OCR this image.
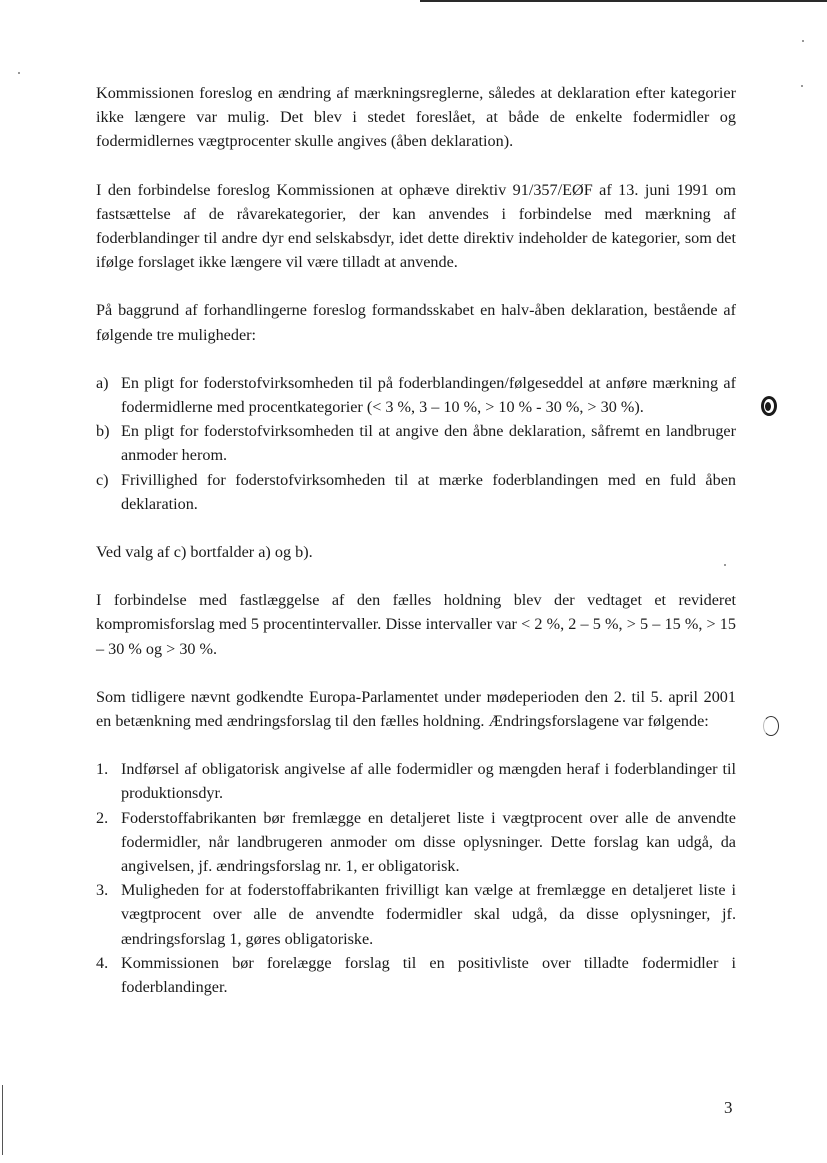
Kommissionen foreslog en ændring af mærkningsreglerne, således at deklaration efter kategorier ikke længere var mulig. Det blev i stedet foreslået, at både de enkelte fodermidler og fodermidlernes vægtprocenter skulle angives (åben deklaration).

I den forbindelse foreslog Kommissionen at ophæve direktiv 91/357/EØF af 13. juni 1991 om fastsættelse af de råvarekategorier, der kan anvendes i forbindelse med mærkning af foderblandinger til andre dyr end selskabsdyr, idet dette direktiv indeholder de kategorier, som det ifølge forslaget ikke længere vil være tilladt at anvende.

På baggrund af forhandlingerne foreslog formandsskabet en halv-åben deklaration, bestående af følgende tre muligheder:

a) En pligt for foderstofvirksomheden til på foderblandingen/følgeseddel at anføre mærkning af fodermidlerne med procentkategorier (< 3 %, 3 – 10 %, > 10 % - 30 %, > 30 %).
b) En pligt for foderstofvirksomheden til at angive den åbne deklaration, såfremt en landbruger anmoder herom.
c) Frivillighed for foderstofvirksomheden til at mærke foderblandingen med en fuld åben deklaration.

Ved valg af c) bortfalder a) og b).

I forbindelse med fastlæggelse af den fælles holdning blev der vedtaget et revideret kompromisforslag med 5 procentintervaller. Disse intervaller var < 2 %, 2 – 5 %, > 5 – 15 %, > 15 – 30 % og > 30 %.

Som tidligere nævnt godkendte Europa-Parlamentet under mødeperioden den 2. til 5. april 2001 en betænkning med ændringsforslag til den fælles holdning. Ændringsforslagene var følgende:

1. Indførsel af obligatorisk angivelse af alle fodermidler og mængden heraf i foderblandinger til produktionsdyr.
2. Foderstoffabrikanten bør fremlægge en detaljeret liste i vægtprocent over alle de anvendte fodermidler, når landbrugeren anmoder om disse oplysninger. Dette forslag kan udgå, da angivelsen, jf. ændringsforslag nr. 1, er obligatorisk.
3. Muligheden for at foderstoffabrikanten frivilligt kan vælge at fremlægge en detaljeret liste i vægtprocent over alle de anvendte fodermidler skal udgå, da disse oplysninger, jf. ændringsforslag 1, gøres obligatoriske.
4. Kommissionen bør forelægge forslag til en positivliste over tilladte fodermidler i foderblandinger.
3
